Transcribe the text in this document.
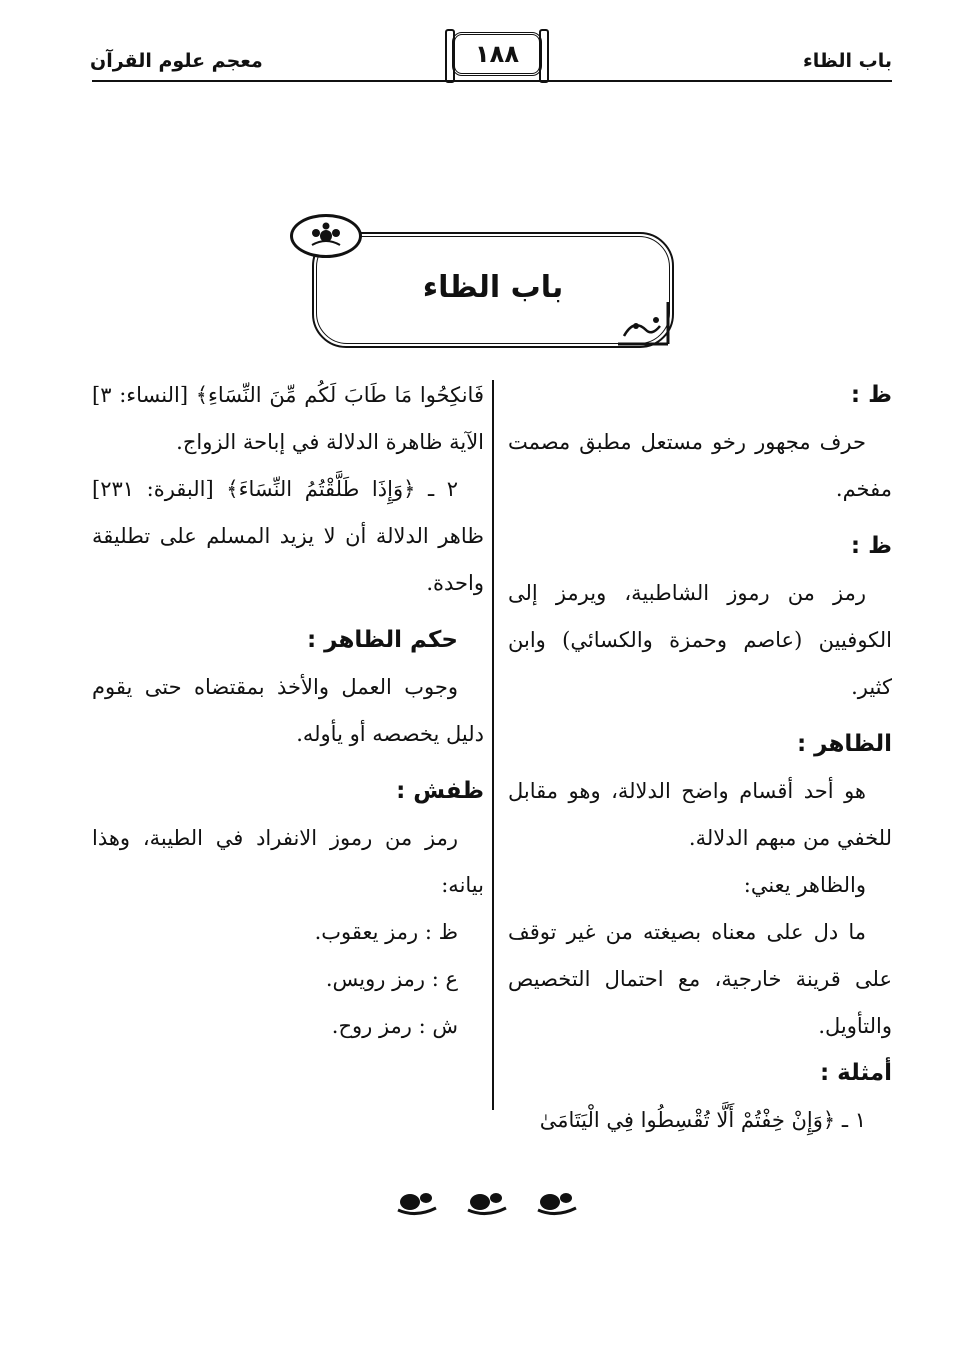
باب الظاء
معجم علوم القرآن	١٨٨
باب الظاء

ظ :

حرف مجهور رخو مستعل مطبق مصمت مفخم.

ظ :

رمز من رموز الشاطبية، ويرمز إلى الكوفيين (عاصم وحمزة والكسائي) وابن كثير.

الظاهر :

هو أحد أقسام واضح الدلالة، وهو مقابل للخفي من مبهم الدلالة.

والظاهر يعني:

ما دل على معناه بصيغته من غير توقف على قرينة خارجية، مع احتمال التخصيص والتأويل.

أمثلة :

١ ـ ﴿وَإِنْ خِفْتُمْ أَلَّا تُقْسِطُوا فِي الْيَتَامَىٰ

فَانكِحُوا مَا طَابَ لَكُم مِّنَ النِّسَاءِ﴾ [النساء: ٣] الآية ظاهرة الدلالة في إباحة الزواج.

٢ ـ ﴿وَإِذَا طَلَّقْتُمُ النِّسَاءَ﴾ [البقرة: ٢٣١] ظاهر الدلالة أن لا يزيد المسلم على تطليقة واحدة.

حكم الظاهر :

وجوب العمل والأخذ بمقتضاه حتى يقوم دليل يخصصه أو يأوله.

ظفش :

رمز من رموز الانفراد في الطيبة، وهذا بيانه:

ظ : رمز يعقوب.

ع : رمز رويس.

ش : رمز روح.
